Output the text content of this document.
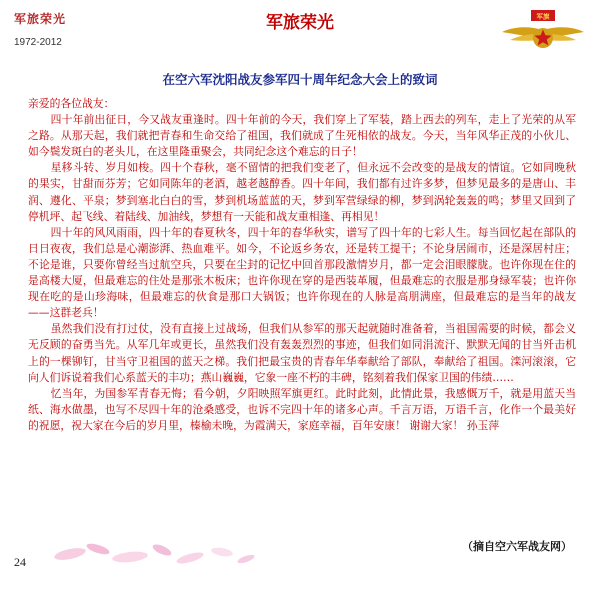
军旅荣光
1972-2012
军旅荣光	军旗
在空六军沈阳战友参军四十周年纪念大会上的致词

亲爱的各位战友：

四十年前出征日，今又战友重逢时。四十年前的今天，我们穿上了军装，踏上西去的列车，走上了光荣的从军之路。从那天起，我们就把青春和生命交给了祖国，我们就成了生死相依的战友。今天，当年风华正茂的小伙儿、如今鬓发斑白的老头儿，在这里隆重聚会，共同纪念这个难忘的日子！

星移斗转、岁月如梭。四十个春秋，毫不留情的把我们变老了，但永远不会改变的是战友的情谊。它如同晚秋的果实，甘甜而芬芳；它如同陈年的老酒，越老越醇香。四十年间，我们都有过许多梦，但梦见最多的是唐山、丰润、遵化、平泉；梦到塞北白白的雪，梦到机场蓝蓝的天，梦到军营绿绿的柳，梦到涡轮轰轰的鸣；梦里又回到了停机坪、起飞线、着陆线、加油线，梦想有一天能和战友重相逢、再相见！

四十年的风风雨雨，四十年的春夏秋冬，四十年的春华秋实，谱写了四十年的七彩人生。每当回忆起在部队的日日夜夜，我们总是心潮澎湃、热血难平。如今，不论返乡务农，还是转工提干；不论身居闹市，还是深居村庄；不论是谁，只要你曾经当过航空兵，只要在尘封的记忆中回首那段激情岁月，都一定会泪眼朦胧。也许你现在住的是高楼大厦，但最难忘的住处是那张木板床；也许你现在穿的是西装革履，但最难忘的衣服是那身绿军装；也许你现在吃的是山珍海味，但最难忘的伙食是那口大锅饭；也许你现在的人脉是高朋满座，但最难忘的是当年的战友——这群老兵！

虽然我们没有打过仗，没有直接上过战场，但我们从参军的那天起就随时准备着，当祖国需要的时候，都会义无反顾的奋勇当先。从军几年或更长，虽然我们没有轰轰烈烈的事迹，但我们如同涓流汗、默默无闻的甘当歼击机上的一棵铆钉，甘当守卫祖国的蓝天之梯。我们把最宝贵的青春年华奉献给了部队，奉献给了祖国。滦河滚滚，它向人们诉说着我们心系蓝天的丰功；燕山巍巍，它象一座不朽的丰碑，铭刻着我们保家卫国的伟绩……

忆当年，为国参军青春无悔；看今朝，夕阳映照军旗更红。此时此刻，此情此景，我感慨万千，就是用蓝天当纸、海水做墨，也写不尽四十年的沧桑感受，也诉不完四十年的诸多心声。千言万语，万语千言，化作一个最美好的祝愿，祝大家在今后的岁月里，榛榆未晚，为霞满天，家庭幸福，百年安康！ 谢谢大家！ 孙玉萍

（摘自空六军战友网）
24
